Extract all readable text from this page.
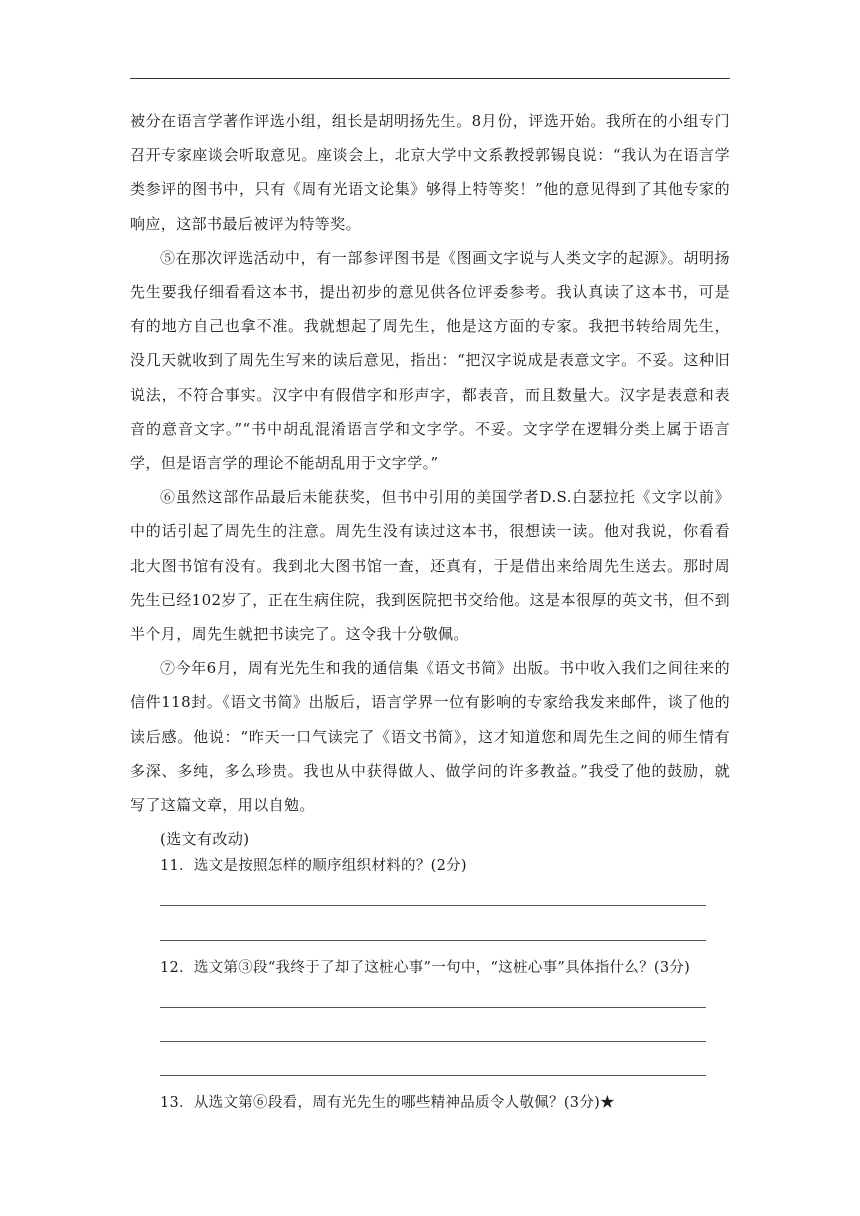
被分在语言学著作评选小组，组长是胡明扬先生。8月份，评选开始。我所在的小组专门召开专家座谈会听取意见。座谈会上，北京大学中文系教授郭锡良说：“我认为在语言学类参评的图书中，只有《周有光语文论集》够得上特等奖！”他的意见得到了其他专家的响应，这部书最后被评为特等奖。

⑤在那次评选活动中，有一部参评图书是《图画文字说与人类文字的起源》。胡明扬先生要我仔细看看这本书，提出初步的意见供各位评委参考。我认真读了这本书，可是有的地方自己也拿不准。我就想起了周先生，他是这方面的专家。我把书转给周先生，没几天就收到了周先生写来的读后意见，指出：“把汉字说成是表意文字。不妥。这种旧说法，不符合事实。汉字中有假借字和形声字，都表音，而且数量大。汉字是表意和表音的意音文字。”“书中胡乱混淆语言学和文字学。不妥。文字学在逻辑分类上属于语言学，但是语言学的理论不能胡乱用于文字学。”

⑥虽然这部作品最后未能获奖，但书中引用的美国学者D.S.白瑟拉托《文字以前》中的话引起了周先生的注意。周先生没有读过这本书，很想读一读。他对我说，你看看北大图书馆有没有。我到北大图书馆一查，还真有，于是借出来给周先生送去。那时周先生已经102岁了，正在生病住院，我到医院把书交给他。这是本很厚的英文书，但不到半个月，周先生就把书读完了。这令我十分敬佩。

⑦今年6月，周有光先生和我的通信集《语文书简》出版。书中收入我们之间往来的信件118封。《语文书简》出版后，语言学界一位有影响的专家给我发来邮件，谈了他的读后感。他说：“昨天一口气读完了《语文书简》，这才知道您和周先生之间的师生情有多深、多纯，多么珍贵。我也从中获得做人、做学问的许多教益。”我受了他的鼓励，就写了这篇文章，用以自勉。

(选文有改动)

11．选文是按照怎样的顺序组织材料的？(2分)
12．选文第③段“我终于了却了这桩心事”一句中，“这桩心事”具体指什么？(3分)
13．从选文第⑥段看，周有光先生的哪些精神品质令人敬佩？(3分)★
